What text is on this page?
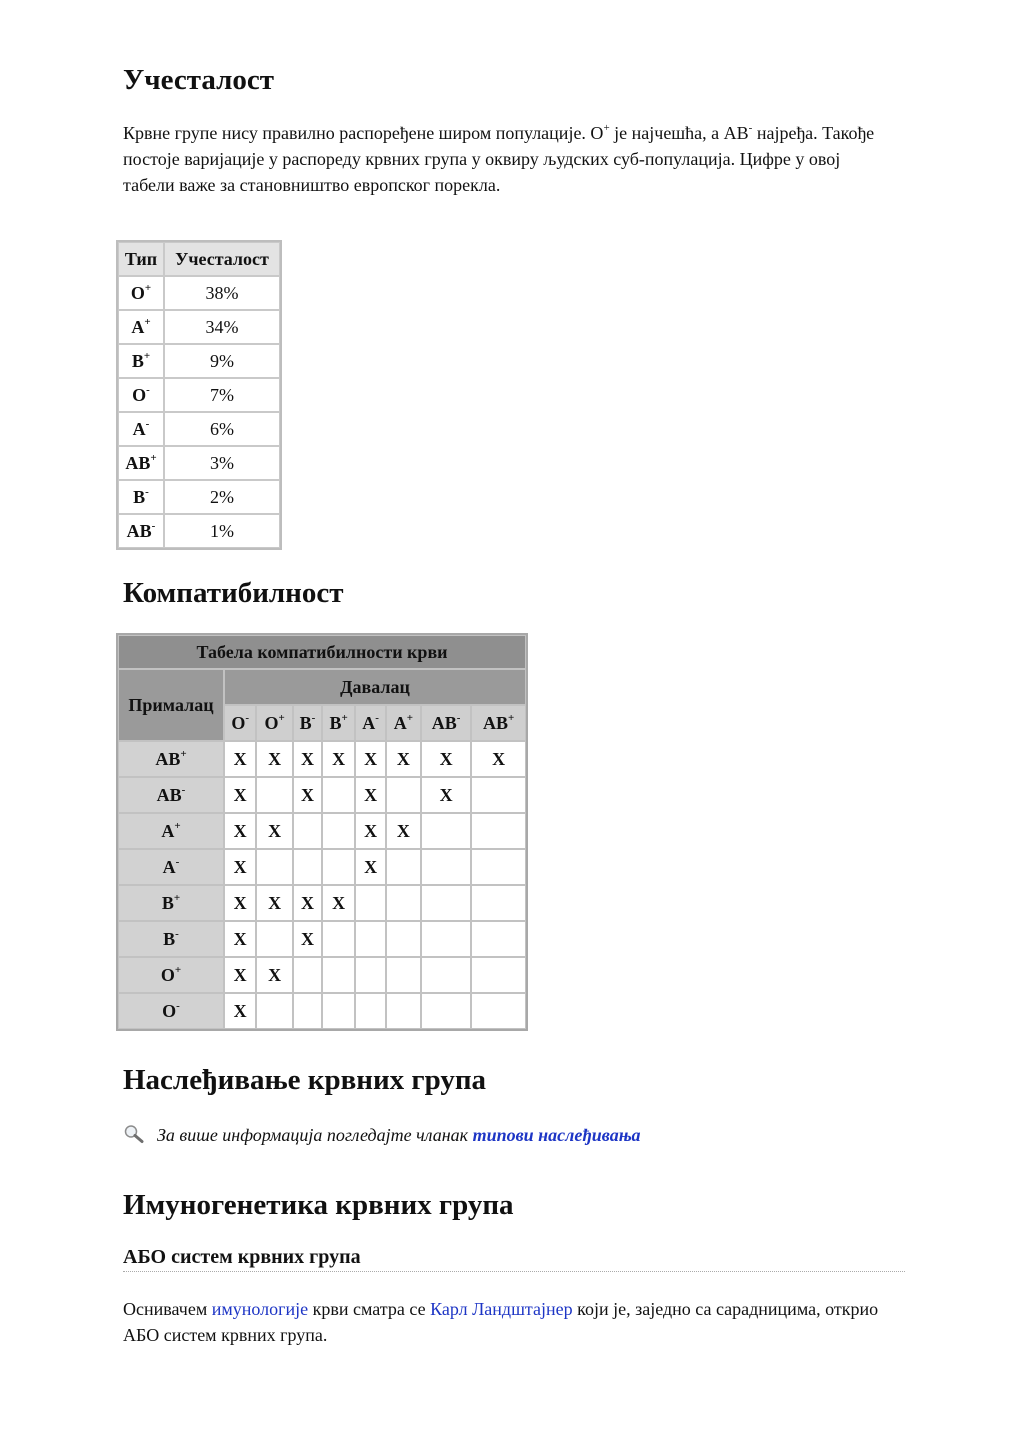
Учесталост

Крвне групе нису правилно распоређене широм популације. О+ је најчешћа, а АВ- најређа. Такође постоје варијације у распореду крвних група у оквиру људских суб-популација. Цифре у овој табели важе за становништво европског порекла.

Тип	Учесталост
O+	38%
A+	34%
B+	9%
O-	7%
A-	6%
AB+	3%
B-	2%
AB-	1%
Компатибилност
Табела компатибилности крви								
Прималац	Давалац							
	O-	O+	B-	B+	A-	A+	AB-	AB+
AB+	X	X	X	X	X	X	X	X
AB-	X		X		X		X	
A+	X	X			X	X		
A-	X				X			
B+	X	X	X	X				
B-	X		X					
O+	X	X						
O-	X							
Наслеђивање крвних група
За више информација погледајте чланак типови наслеђивања
Имуногенетика крвних група
АБО систем крвних група

Оснивачем имунологије крви сматра се Карл Ландштајнер који је, заједно са сарадницима, открио АБО систем крвних група.
